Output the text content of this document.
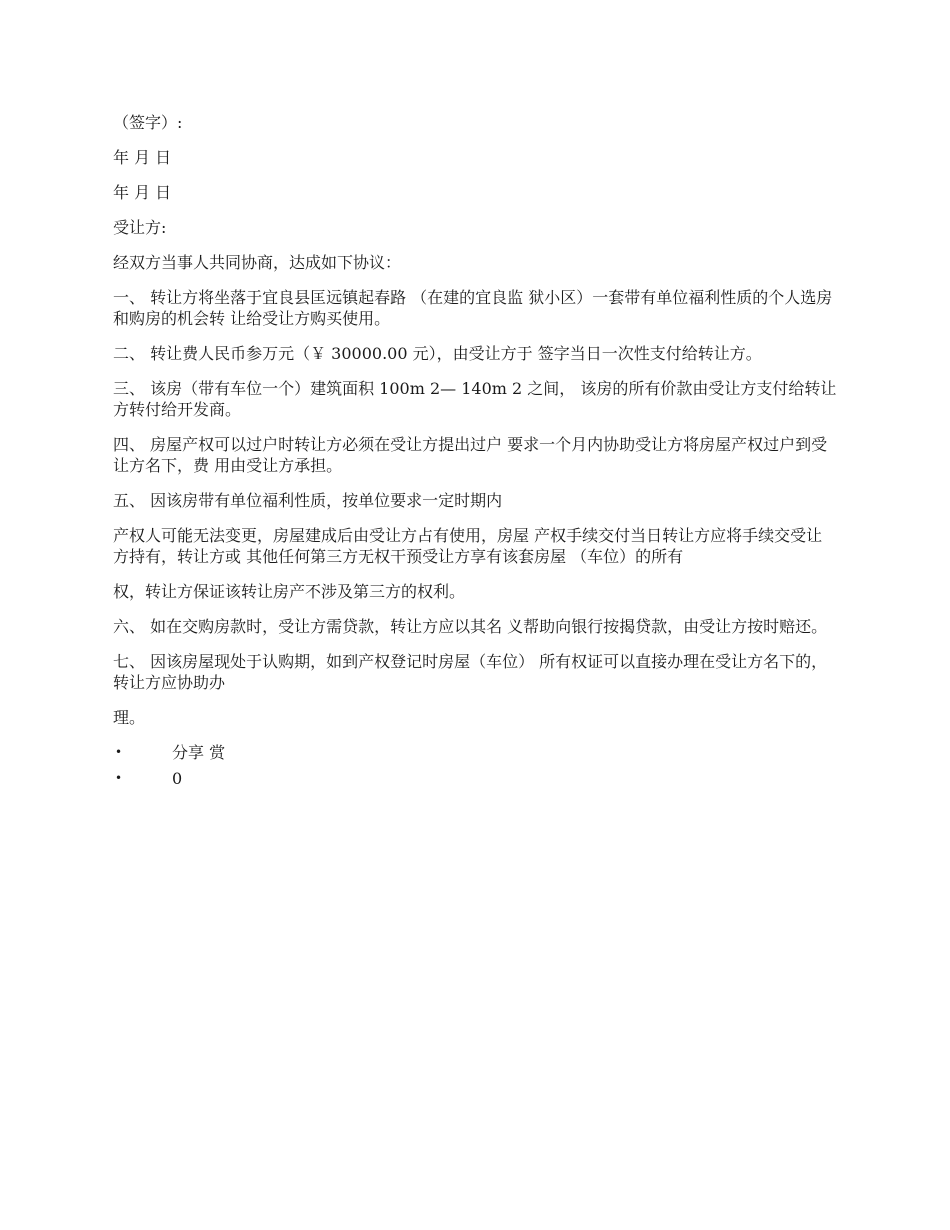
（签字）:

年 月 日

年 月 日

受让方:

经双方当事人共同协商，达成如下协议：

一、 转让方将坐落于宜良县匡远镇起春路 （在建的宜良监 狱小区）一套带有单位福利性质的个人选房和购房的机会转 让给受让方购买使用。

二、 转让费人民币参万元（￥ 30000.00 元），由受让方于 签字当日一次性支付给转让方。

三、 该房（带有车位一个）建筑面积 100m 2— 140m 2 之间， 该房的所有价款由受让方支付给转让方转付给开发商。

四、 房屋产权可以过户时转让方必须在受让方提出过户 要求一个月内协助受让方将房屋产权过户到受让方名下，费 用由受让方承担。

五、 因该房带有单位福利性质，按单位要求一定时期内

产权人可能无法变更，房屋建成后由受让方占有使用，房屋 产权手续交付当日转让方应将手续交受让方持有，转让方或 其他任何第三方无权干预受让方享有该套房屋 （车位）的所有

权，转让方保证该转让房产不涉及第三方的权利。

六、 如在交购房款时，受让方需贷款，转让方应以其名 义帮助向银行按揭贷款，由受让方按时赔还。

七、 因该房屋现处于认购期，如到产权登记时房屋（车位） 所有权证可以直接办理在受让方名下的，转让方应协助办

理。

•	分享 赏
•	0
